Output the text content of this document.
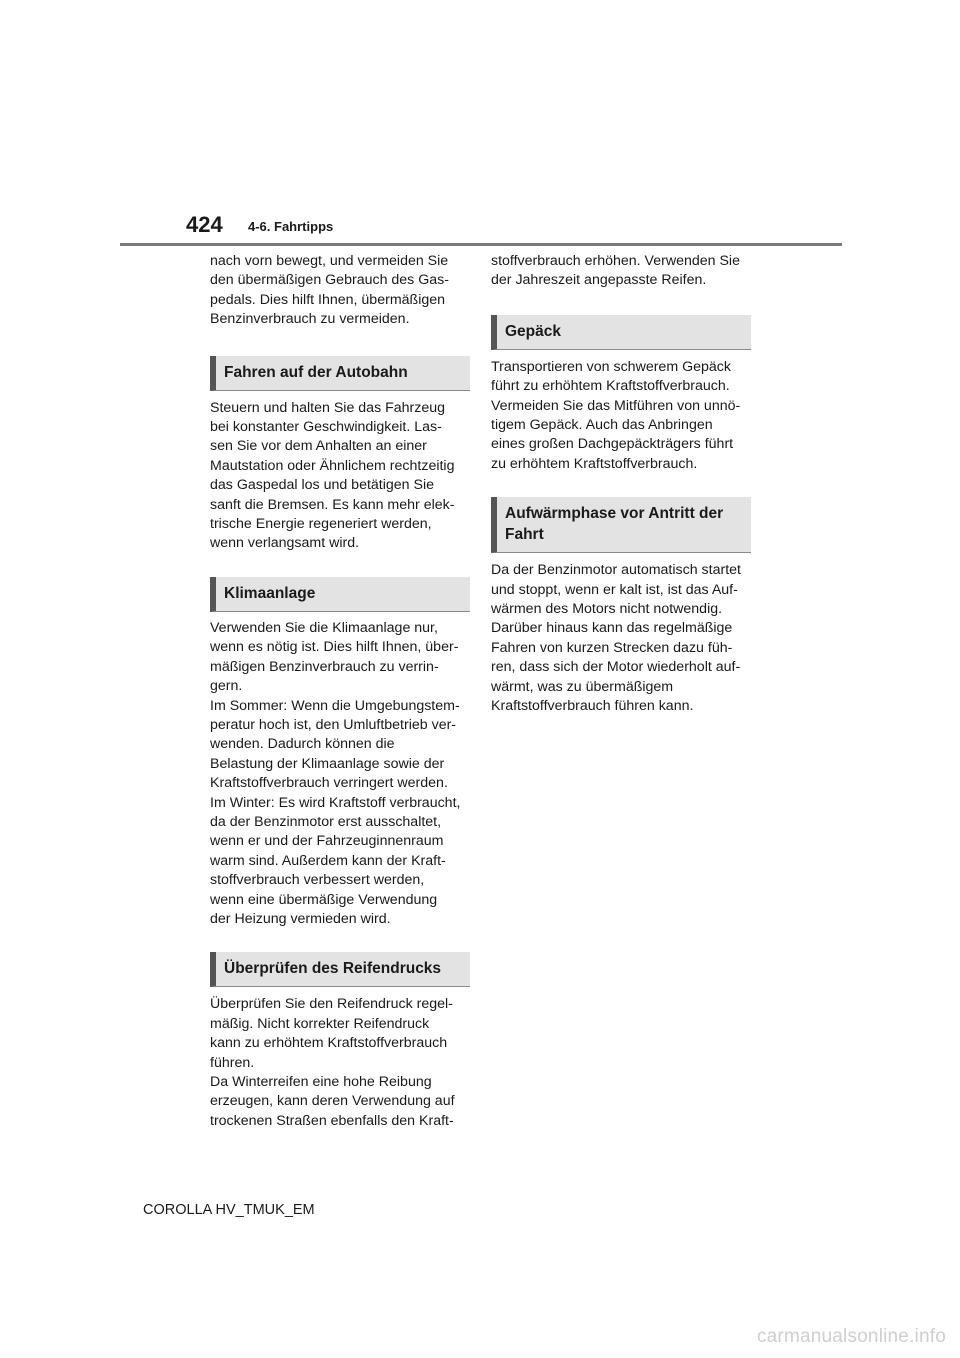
424 4-6. Fahrtipps

nach vorn bewegt, und vermeiden Sie
den übermäßigen Gebrauch des Gas-
pedals. Dies hilft Ihnen, übermäßigen
Benzinverbrauch zu vermeiden.

Fahren auf der Autobahn

Steuern und halten Sie das Fahrzeug
bei konstanter Geschwindigkeit. Las-
sen Sie vor dem Anhalten an einer
Mautstation oder Ähnlichem rechtzeitig
das Gaspedal los und betätigen Sie
sanft die Bremsen. Es kann mehr elek-
trische Energie regeneriert werden,
wenn verlangsamt wird.

Klimaanlage

Verwenden Sie die Klimaanlage nur,
wenn es nötig ist. Dies hilft Ihnen, über-
mäßigen Benzinverbrauch zu verrin-
gern.
Im Sommer: Wenn die Umgebungstem-
peratur hoch ist, den Umluftbetrieb ver-
wenden. Dadurch können die
Belastung der Klimaanlage sowie der
Kraftstoffverbrauch verringert werden.
Im Winter: Es wird Kraftstoff verbraucht,
da der Benzinmotor erst ausschaltet,
wenn er und der Fahrzeuginnenraum
warm sind. Außerdem kann der Kraft-
stoffverbrauch verbessert werden,
wenn eine übermäßige Verwendung
der Heizung vermieden wird.

Überprüfen des Reifendrucks

Überprüfen Sie den Reifendruck regel-
mäßig. Nicht korrekter Reifendruck
kann zu erhöhtem Kraftstoffverbrauch
führen.
Da Winterreifen eine hohe Reibung
erzeugen, kann deren Verwendung auf
trockenen Straßen ebenfalls den Kraft-

stoffverbrauch erhöhen. Verwenden Sie
der Jahreszeit angepasste Reifen.

Gepäck

Transportieren von schwerem Gepäck
führt zu erhöhtem Kraftstoffverbrauch.
Vermeiden Sie das Mitführen von unnö-
tigem Gepäck. Auch das Anbringen
eines großen Dachgepäckträgers führt
zu erhöhtem Kraftstoffverbrauch.

Aufwärmphase vor Antritt der
Fahrt

Da der Benzinmotor automatisch startet
und stoppt, wenn er kalt ist, ist das Auf-
wärmen des Motors nicht notwendig.
Darüber hinaus kann das regelmäßige
Fahren von kurzen Strecken dazu füh-
ren, dass sich der Motor wiederholt auf-
wärmt, was zu übermäßigem
Kraftstoffverbrauch führen kann.

COROLLA HV_TMUK_EM
carmanualsonline.info
